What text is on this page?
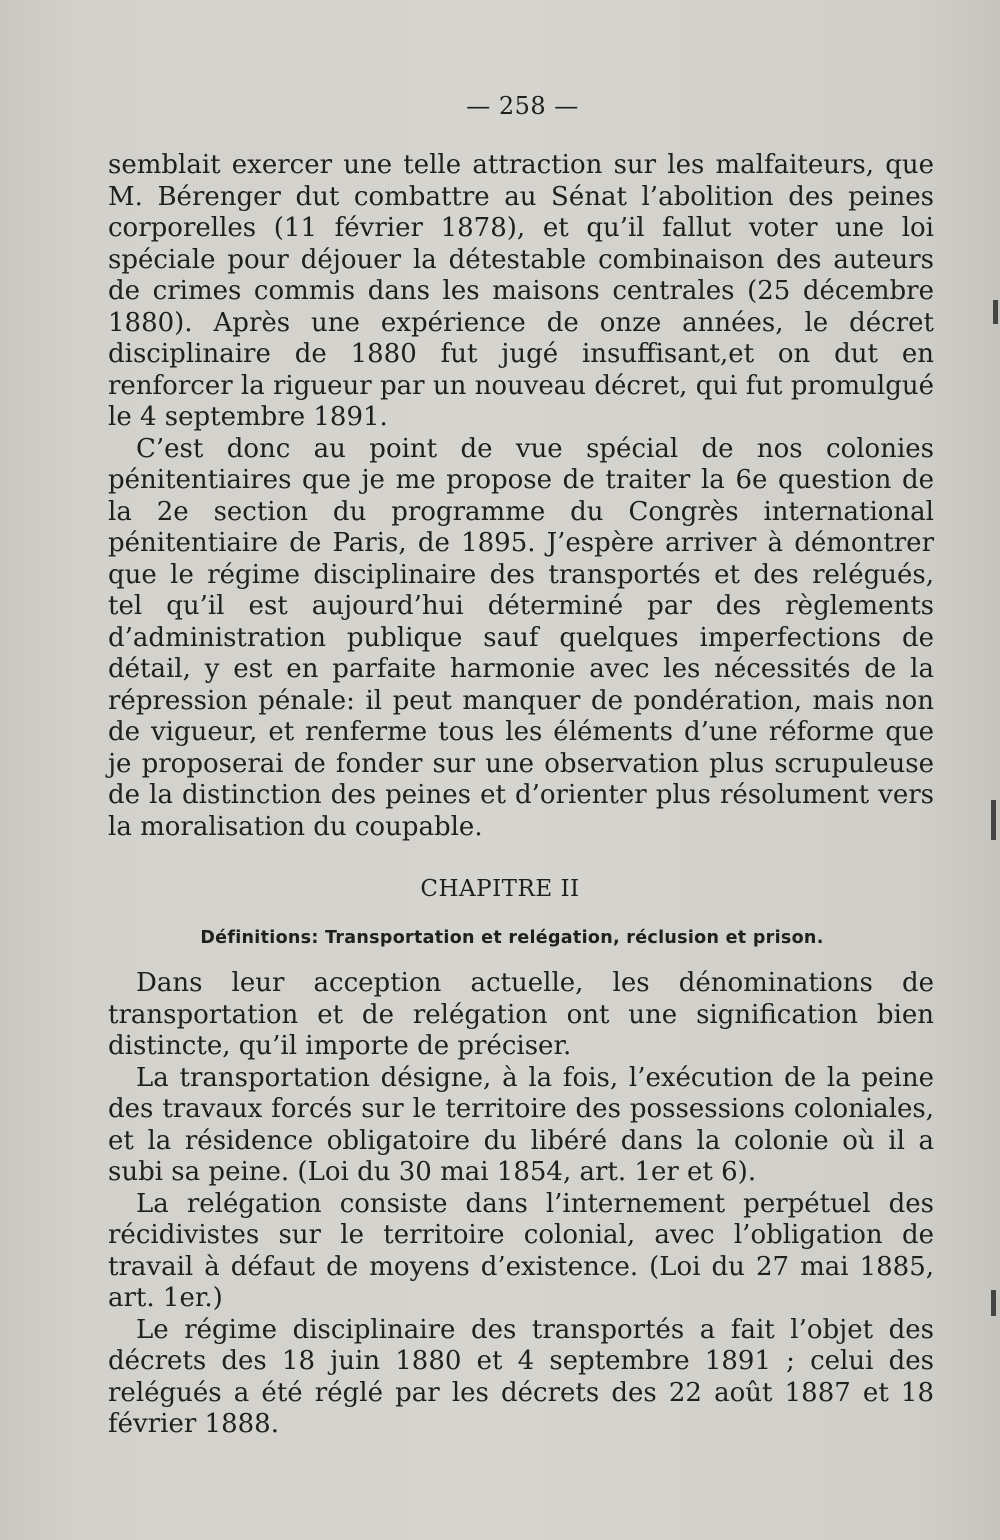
— 258 —

semblait exercer une telle attraction sur les malfaiteurs, que M. Bérenger dut combattre au Sénat l’abolition des peines corporelles (11 février 1878), et qu’il fallut voter une loi spéciale pour déjouer la détestable combinaison des auteurs de crimes commis dans les maisons centrales (25 décembre 1880). Après une expérience de onze années, le décret disciplinaire de 1880 fut jugé insuffisant,et on dut en renforcer la rigueur par un nouveau décret, qui fut promulgué le 4 septembre 1891.

C’est donc au point de vue spécial de nos colonies pénitentiaires que je me propose de traiter la 6e question de la 2e section du programme du Congrès international pénitentiaire de Paris, de 1895. J’espère arriver à démontrer que le régime disciplinaire des transportés et des relégués, tel qu’il est aujourd’hui déterminé par des règlements d’administration publique sauf quelques imperfections de détail, y est en parfaite harmonie avec les nécessités de la répression pénale: il peut manquer de pondération, mais non de vigueur, et renferme tous les éléments d’une réforme que je proposerai de fonder sur une observation plus scrupuleuse de la distinction des peines et d’orienter plus résolument vers la moralisation du coupable.

CHAPITRE II
Définitions: Transportation et relégation, réclusion et prison.

Dans leur acception actuelle, les dénominations de transportation et de relégation ont une signification bien distincte, qu’il importe de préciser.

La transportation désigne, à la fois, l’exécution de la peine des travaux forcés sur le territoire des possessions coloniales, et la résidence obligatoire du libéré dans la colonie où il a subi sa peine. (Loi du 30 mai 1854, art. 1er et 6).

La relégation consiste dans l’internement perpétuel des récidivistes sur le territoire colonial, avec l’obligation de travail à défaut de moyens d’existence. (Loi du 27 mai 1885, art. 1er.)

Le régime disciplinaire des transportés a fait l’objet des décrets des 18 juin 1880 et 4 septembre 1891 ; celui des relégués a été réglé par les décrets des 22 août 1887 et 18 février 1888.
